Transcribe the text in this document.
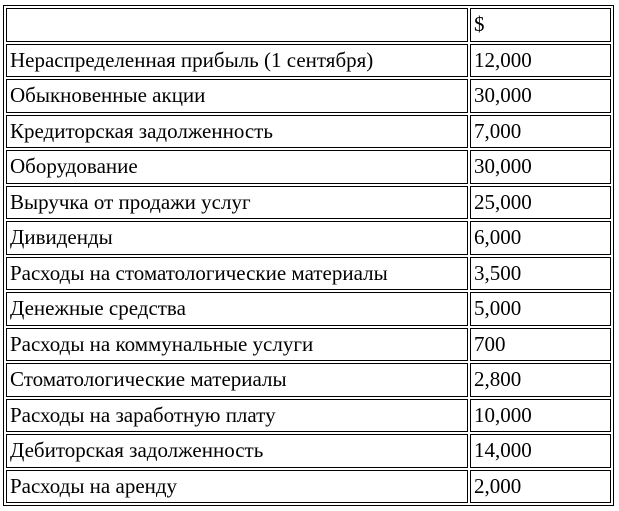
	$
Нераспределенная прибыль (1 сентября)	12,000
Обыкновенные акции	30,000
Кредиторская задолженность	7,000
Оборудование	30,000
Выручка от продажи услуг	25,000
Дивиденды	6,000
Расходы на стоматологические материалы	3,500
Денежные средства	5,000
Расходы на коммунальные услуги	700
Стоматологические материалы	2,800
Расходы на заработную плату	10,000
Дебиторская задолженность	14,000
Расходы на аренду	2,000
